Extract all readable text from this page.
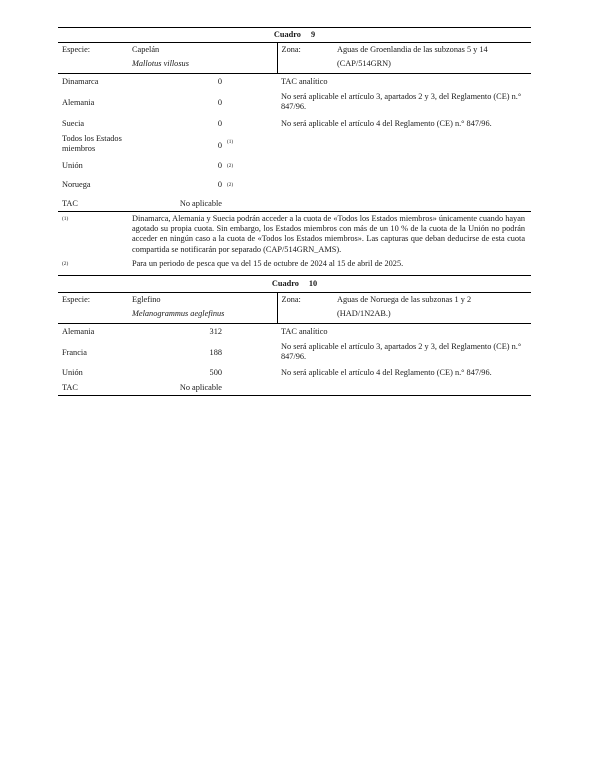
Cuadro 9				
Especie:	Capelán		Zona:	Aguas de Groenlandia de las subzonas 5 y 14
	Mallotus villosus			(CAP/514GRN)
Dinamarca	0		TAC analítico	
Alemania	0		No será aplicable el artículo 3, apartados 2 y 3, del Reglamento (CE) n.° 847/96.	
Suecia	0		No será aplicable el artículo 4 del Reglamento (CE) n.° 847/96.	
Todos los Estados miembros	0	$^{(1)}$	
Unión	0	$^{(2)}$	
Noruega	0	$^{(2)}$	
TAC	No aplicable			
(1)	Dinamarca, Alemania y Suecia podrán acceder a la cuota de «Todos los Estados miembros» únicamente cuando hayan agotado su propia cuota. Sin embargo, los Estados miembros con más de un 10 % de la cuota de la Unión no podrán acceder en ningún caso a la cuota de «Todos los Estados miembros». Las capturas que deban deducirse de esta cuota compartida se notificarán por separado (CAP/514GRN_AMS).			
(2)	Para un periodo de pesca que va del 15 de octubre de 2024 al 15 de abril de 2025.			
Cuadro 10				
Especie:	Eglefino		Zona:	Aguas de Noruega de las subzonas 1 y 2
	Melanogrammus aeglefinus			(HAD/1N2AB.)
Alemania	312		TAC analítico	
Francia	188		No será aplicable el artículo 3, apartados 2 y 3, del Reglamento (CE) n.° 847/96.	
Unión	500		No será aplicable el artículo 4 del Reglamento (CE) n.° 847/96.	
TAC	No aplicable			
